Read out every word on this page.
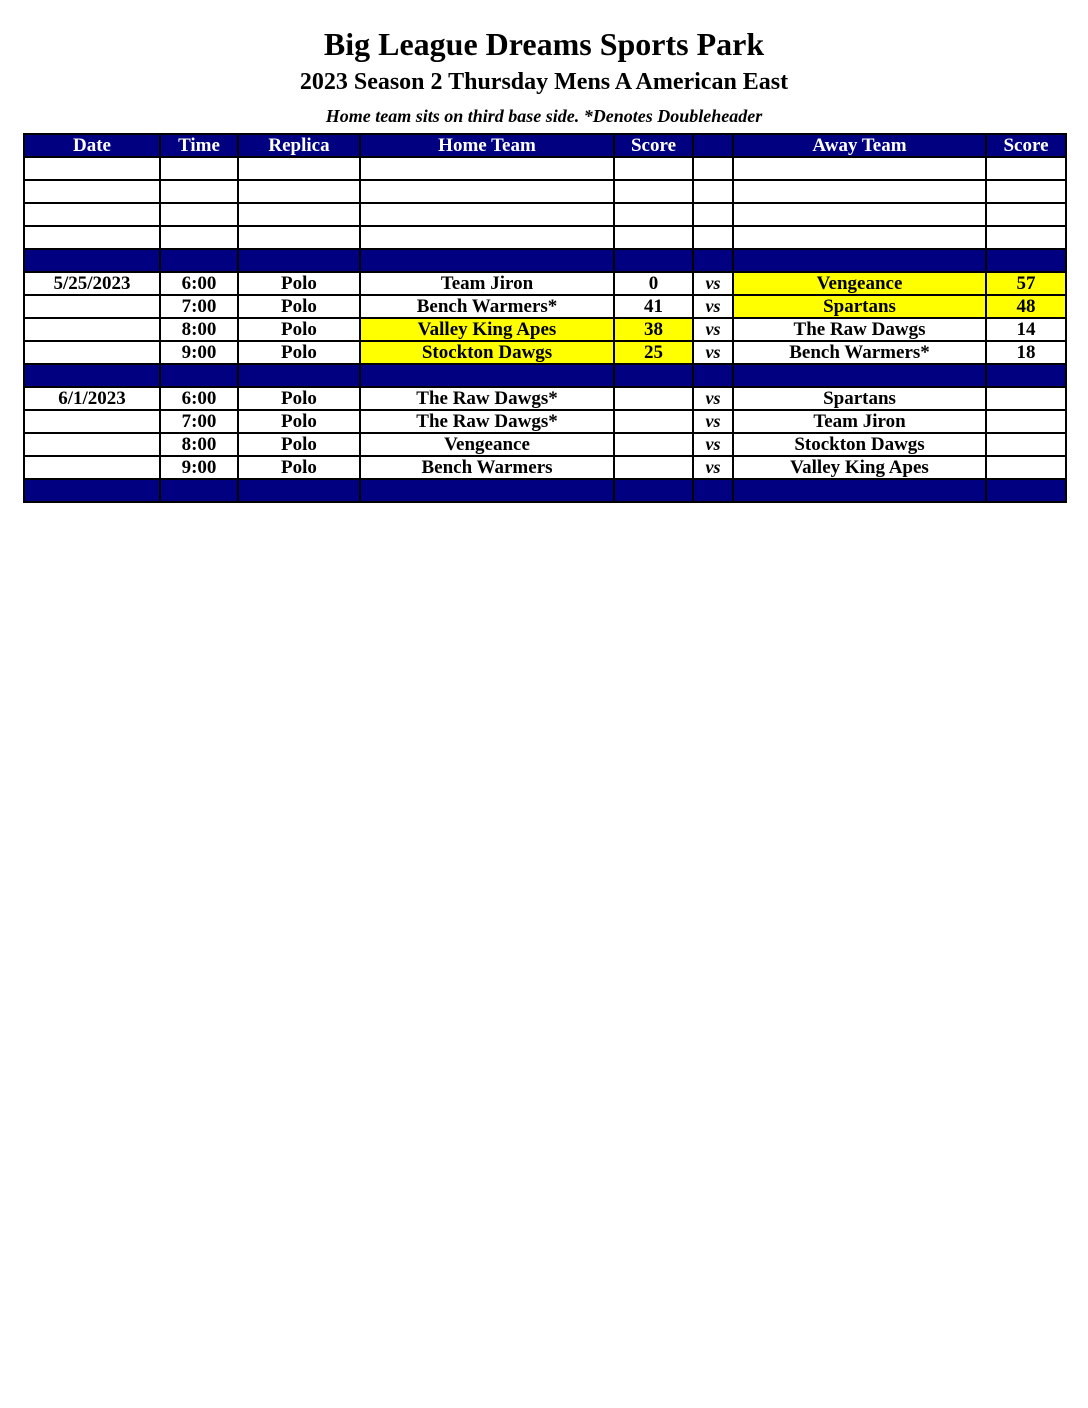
Big League Dreams Sports Park
2023 Season 2 Thursday Mens A American East
Home team sits on third base side. *Denotes Doubleheader
Date	Time	Replica	Home Team	Score		Away Team	Score

5/25/2023	6:00	Polo	Team Jiron	0	vs	Vengeance	57
	7:00	Polo	Bench Warmers*	41	vs	Spartans	48
	8:00	Polo	Valley King Apes	38	vs	The Raw Dawgs	14
	9:00	Polo	Stockton Dawgs	25	vs	Bench Warmers*	18

6/1/2023	6:00	Polo	The Raw Dawgs*		vs	Spartans	
	7:00	Polo	The Raw Dawgs*		vs	Team Jiron	
	8:00	Polo	Vengeance		vs	Stockton Dawgs	
	9:00	Polo	Bench Warmers		vs	Valley King Apes	
